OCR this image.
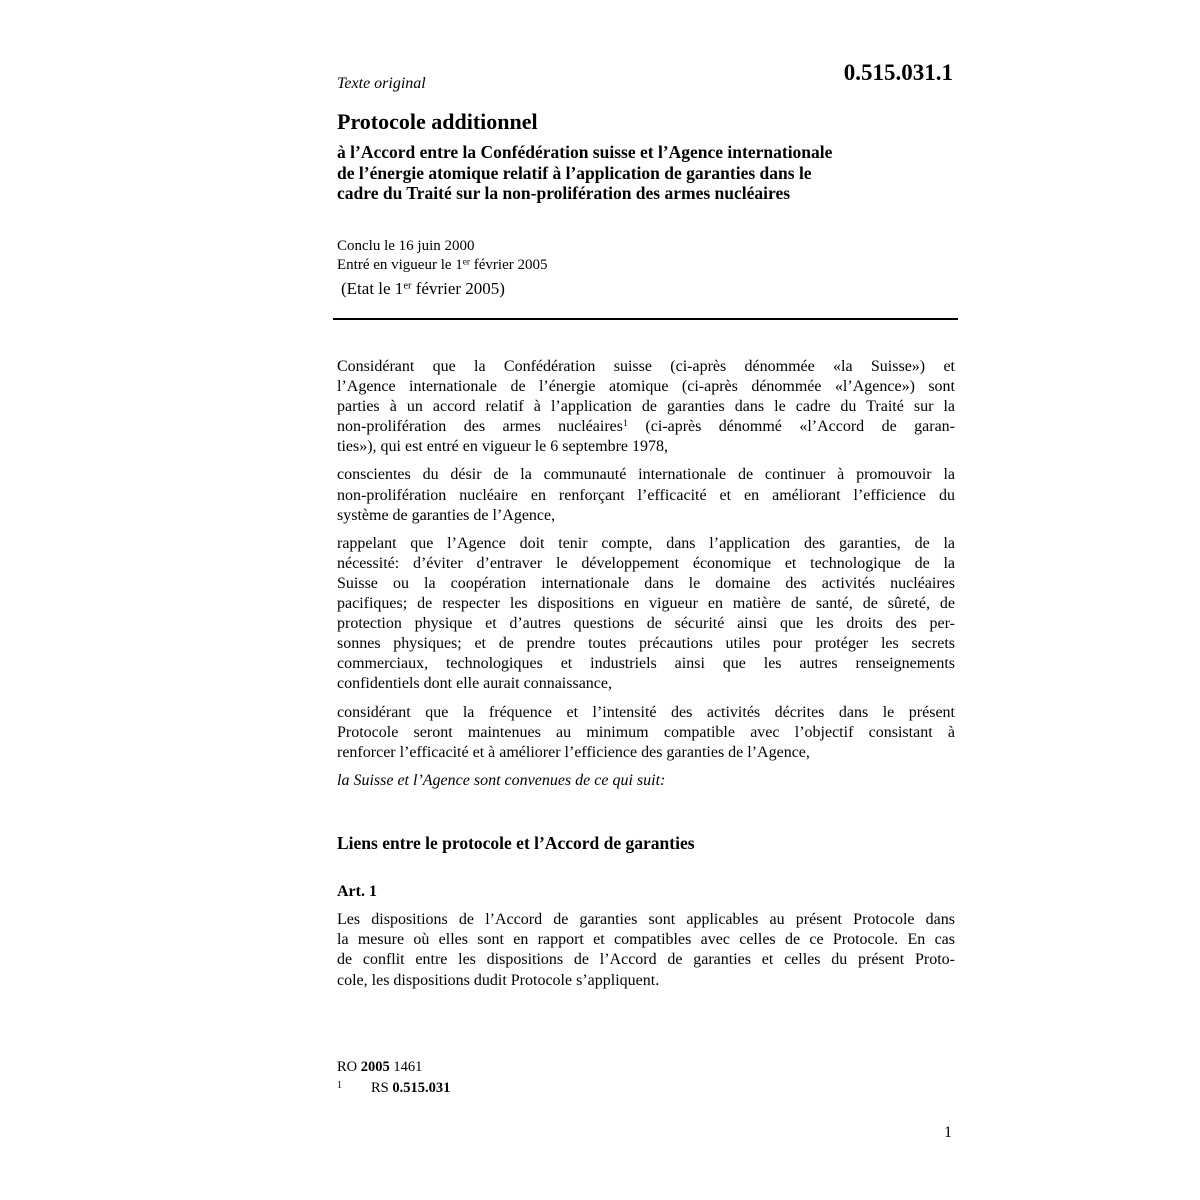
Texte original	0.515.031.1
Protocole additionnel
à l’Accord entre la Confédération suisse et l’Agence internationale
de l’énergie atomique relatif à l’application de garanties dans le
cadre du Traité sur la non-prolifération des armes nucléaires
Conclu le 16 juin 2000
Entré en vigueur le 1er février 2005
(Etat le 1er février 2005)
Considérant que la Confédération suisse (ci-après dénommée «la Suisse») et
l’Agence internationale de l’énergie atomique (ci-après dénommée «l’Agence») sont
parties à un accord relatif à l’application de garanties dans le cadre du Traité sur la
non-prolifération des armes nucléaires$^1$ (ci-après dénommé «l’Accord de garan-
ties»), qui est entré en vigueur le 6 septembre 1978,
conscientes du désir de la communauté internationale de continuer à promouvoir la
non-prolifération nucléaire en renforçant l’efficacité et en améliorant l’efficience du
système de garanties de l’Agence,
rappelant que l’Agence doit tenir compte, dans l’application des garanties, de la
nécessité: d’éviter d’entraver le développement économique et technologique de la
Suisse ou la coopération internationale dans le domaine des activités nucléaires
pacifiques; de respecter les dispositions en vigueur en matière de santé, de sûreté, de
protection physique et d’autres questions de sécurité ainsi que les droits des per-
sonnes physiques; et de prendre toutes précautions utiles pour protéger les secrets
commerciaux, technologiques et industriels ainsi que les autres renseignements
confidentiels dont elle aurait connaissance,
considérant que la fréquence et l’intensité des activités décrites dans le présent
Protocole seront maintenues au minimum compatible avec l’objectif consistant à
renforcer l’efficacité et à améliorer l’efficience des garanties de l’Agence,
la Suisse et l’Agence sont convenues de ce qui suit:
Liens entre le protocole et l’Accord de garanties
Art. 1
Les dispositions de l’Accord de garanties sont applicables au présent Protocole dans
la mesure où elles sont en rapport et compatibles avec celles de ce Protocole. En cas
de conflit entre les dispositions de l’Accord de garanties et celles du présent Proto-
cole, les dispositions dudit Protocole s’appliquent.
RO 2005 1461
1 RS 0.515.031
1
